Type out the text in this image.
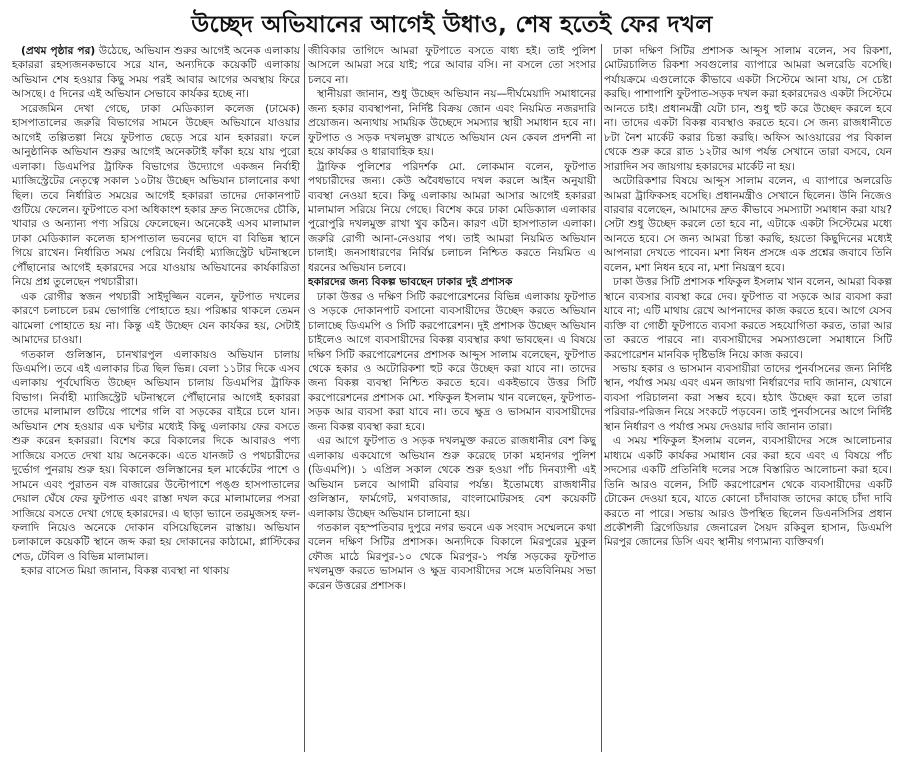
উচ্ছেদ অভিযানের আগেই উধাও, শেষ হতেই ফের দখল

(প্রথম পৃষ্ঠার পর) উঠেছে, অভিযান শুরুর আগেই অনেক এলাকায় হকাররা রহস্যজনকভাবে সরে যান, অন্যদিকে কয়েকটি এলাকায় অভিযান শেষ হওয়ার কিছু সময় পরই আবার আগের অবস্থায় ফিরে আসছে। ৫ দিনের এই অভিযান সেভাবে কার্যকর হচ্ছে না।

সরেজমিন দেখা গেছে, ঢাকা মেডিক্যাল কলেজ (ঢামেক) হাসপাতালের জরুরি বিভাগের সামনে উচ্ছেদ অভিযানে যাওয়ার আগেই তল্পিতল্পা নিয়ে ফুটপাত ছেড়ে সরে যান হকাররা। ফলে আনুষ্ঠানিক অভিযান শুরুর আগেই অনেকটাই ফাঁকা হয়ে যায় পুরো এলাকা। ডিএমপির ট্রাফিক বিভাগের উদ্যোগে একজন নির্বাহী ম্যাজিস্ট্রেটের নেতৃত্বে সকাল ১০টায় উচ্ছেদ অভিযান চালানোর কথা ছিল। তবে নির্ধারিত সময়ের আগেই হকাররা তাদের দোকানপাট গুটিয়ে ফেলেন। ফুটপাতে বসা অধিকাংশ হকার দ্রুত নিজেদের চৌকি, খাবার ও অন্যান্য পণ্য সরিয়ে ফেলেছেন। অনেকেই এসব মালামাল ঢাকা মেডিক্যাল কলেজ হাসপাতাল ভবনের ছাদে বা বিভিন্ন স্থানে গিয়ে রাখেন। নির্ধারিত সময় পেরিয়ে নির্বাহী ম্যাজিস্ট্রেট ঘটনাস্থলে পৌঁছানোর আগেই হকারদের সরে যাওয়ায় অভিযানের কার্যকারিতা নিয়ে প্রশ্ন তুলেছেন পথচারীরা।

এক রোগীর স্বজন পথচারী সাইদুজ্জিন বলেন, ফুটপাত দখলের কারণে চলাচলে চরম ভোগান্তি পোহাতে হয়। পরিষ্কার থাকলে তেমন ঝামেলা পোহাতে হয় না। কিন্তু এই উচ্ছেদ যেন কার্যকর হয়, সেটাই আমাদের চাওয়া।

গতকাল গুলিস্তান, চানখারপুল এলাকায়ও অভিযান চালায় ডিএমপি। তবে এই এলাকার চিত্র ছিল ভিন্ন। বেলা ১১টার দিকে এসব এলাকায় পূর্বঘোষিত উচ্ছেদ অভিযান চালায় ডিএমপির ট্রাফিক বিভাগ। নির্বাহী ম্যাজিস্ট্রেট ঘটনাস্থলে পৌঁছানোর আগেই হকাররা তাদের মালামাল গুটিয়ে পাশের গলি বা সড়কের বাইরে চলে যান। অভিযান শেষ হওয়ার এক ঘণ্টার মধ্যেই কিছু এলাকায় ফের বসতে শুরু করেন হকাররা। বিশেষ করে বিকালের দিকে আবারও পণ্য সাজিয়ে বসতে দেখা যায় অনেককে। এতে যানজট ও পথচারীদের দুর্ভোগ পুনরায় শুরু হয়। বিকালে গুলিস্তানের হল মার্কেটের পাশে ও সামনে এবং পুরাতন বঙ্গ বাজারের উল্টোপাশে পঙ্গু হাসপাতালের দেয়াল ঘেঁষে ফের ফুটপাত এবং রাস্তা দখল করে মালামালের পসরা সাজিয়ে বসতে দেখা গেছে হকারদের। এ ছাড়া ভ্যানে তরমুজসহ ফল-ফলাদি নিয়েও অনেকে দোকান বসিয়েছিলেন রাস্তায়। অভিযান চলাকালে কয়েকটি স্থানে জব্দ করা হয় দোকানের কাঠামো, প্লাস্টিকের শেড, টেবিল ও বিভিন্ন মালামাল।

হকার বাসেত মিয়া জানান, বিকল্প ব্যবস্থা না থাকায়

জীবিকার তাগিদে আমরা ফুটপাতে বসতে বাধ্য হই। তাই পুলিশ আসলে আমরা সরে যাই; পরে আবার বসি। না বসলে তো সংসার চলবে না।

স্থানীয়রা জানান, শুধু উচ্ছেদ অভিযান নয়—দীর্ঘমেয়াদি সমাধানের জন্য হকার ব্যবস্থাপনা, নির্দিষ্ট বিক্রয় জোন এবং নিয়মিত নজরদারি প্রয়োজন। অন্যথায় সাময়িক উচ্ছেদে সমস্যার স্থায়ী সমাধান হবে না। ফুটপাত ও সড়ক দখলমুক্ত রাখতে অভিযান যেন কেবল প্রদর্শনী না হয়ে কার্যকর ও ধারাবাহিক হয়।

ট্রাফিক পুলিশের পরিদর্শক মো. লোকমান বলেন, ফুটপাত পথচারীদের জন্য। কেউ অবৈধভাবে দখল করলে আইন অনুযায়ী ব্যবস্থা নেওয়া হবে। কিছু এলাকায় আমরা আসার আগেই হকাররা মালামাল সরিয়ে নিয়ে গেছে। বিশেষ করে ঢাকা মেডিক্যাল এলাকার পুরোপুরি দখলমুক্ত রাখা খুব কঠিন। কারণ এটা হাসপাতাল এলাকা। জরুরি রোগী আনা-নেওয়ার পথ। তাই আমরা নিয়মিত অভিযান চালাই। জনসাধারণের নির্বিঘ্ন চলাচল নিশ্চিত করতে নিয়মিত এ ধরনের অভিযান চলবে।

হকারদের জন্য বিকল্প ভাবছেন ঢাকার দুই প্রশাসক

ঢাকা উত্তর ও দক্ষিণ সিটি করপোরেশনের বিভিন্ন এলাকায় ফুটপাত ও সড়কে দোকানপাট বসানো ব্যবসায়ীদের উচ্ছেদ করতে অভিযান চালাচ্ছে ডিএমপি ও সিটি করপোরেশন। দুই প্রশাসক উচ্ছেদ অভিযান চাইলেও আগে ব্যবসায়ীদের বিকল্প ব্যবস্থার কথা ভাবছেন। এ বিষয়ে দক্ষিণ সিটি করপোরেশনের প্রশাসক আব্দুস সালাম বলেছেন, ফুটপাত থেকে হকার ও অটোরিকশা হুট করে উচ্ছেদ করা যাবে না। তাদের জন্য বিকল্প ব্যবস্থা নিশ্চিত করতে হবে। একইভাবে উত্তর সিটি করপোরেশনের প্রশাসক মো. শফিকুল ইসলাম খান বলেছেন, ফুটপাত-সড়ক আর ব্যবসা করা যাবে না। তবে ক্ষুদ্র ও ভাসমান ব্যবসায়ীদের জন্য বিকল্প ব্যবস্থা করা হবে।

এর আগে ফুটপাত ও সড়ক দখলমুক্ত করতে রাজধানীর বেশ কিছু এলাকায় একযোগে অভিযান শুরু করেছে ঢাকা মহানগর পুলিশ (ডিএমপি)। ১ এপ্রিল সকাল থেকে শুরু হওয়া পাঁচ দিনব্যাপী এই অভিযান চলবে আগামী রবিবার পর্যন্ত। ইতোমধ্যে রাজধানীর গুলিস্তান, ফার্মগেট, মগবাজার, বাংলামোটরসহ বেশ কয়েকটি এলাকায় উচ্ছেদ অভিযান চালানো হয়।

গতকাল বৃহস্পতিবার দুপুরে নগর ভবনে এক সংবাদ সম্মেলনে কথা বলেন দক্ষিণ সিটির প্রশাসক। অন্যদিকে বিকালে মিরপুরের মুকুল ফৌজ মাঠে মিরপুর-১০ থেকে মিরপুর-১ পর্যন্ত সড়কের ফুটপাত দখলমুক্ত করতে ভাসমান ও ক্ষুদ্র ব্যবসায়ীদের সঙ্গে মতবিনিময় সভা করেন উত্তরের প্রশাসক।

ঢাকা দক্ষিণ সিটির প্রশাসক আব্দুস সালাম বলেন, সব রিকশা, মোটরচালিত রিকশা সবগুলোর ব্যাপারে আমরা অলরেডি বসেছি। পর্যায়ক্রমে এগুলোকে কীভাবে একটা সিস্টেমে আনা যায়, সে চেষ্টা করছি। পাশাপাশি ফুটপাত-সড়ক দখল করা হকারদেরও একটা সিস্টেমে আনতে চাই। প্রধানমন্ত্রী যেটা চান, শুধু হুট করে উচ্ছেদ করলে হবে না। তাদের একটা বিকল্প ব্যবস্থাও করতে হবে। সে জন্য রাজধানীতে ৮টা নৈশ মার্কেট করার চিন্তা করছি। অফিস আওয়ারের পর বিকাল থেকে শুরু করে রাত ১২টার আগ পর্যন্ত সেখানে তারা বসবে, যেন সারাদিন সব জায়গায় হকারদের মার্কেট না হয়।

অটোরিকশার বিষয়ে আব্দুস সালাম বলেন, এ ব্যাপারে অলরেডি আমরা ট্রাফিকসহ বসেছি। প্রধানমন্ত্রীও সেখানে ছিলেন। উনি নিজেও বারবার বলেছেন, আমাদের দ্রুত কীভাবে সমস্যাটা সমাধান করা যায়? সেটা শুধু উচ্ছেদ করলে তো হবে না, এটাকে একটা সিস্টেমের মধ্যে আনতে হবে। সে জন্য আমরা চিন্তা করছি, হয়তো কিছুদিনের মধ্যেই আপনারা দেখতে পাবেন। মশা নিধন প্রসঙ্গে এক প্রশ্নের জবাবে তিনি বলেন, মশা নিধন হবে না, মশা নিয়ন্ত্রণ হবে।

ঢাকা উত্তর সিটি প্রশাসক শফিকুল ইসলাম খান বলেন, আমরা বিকল্প স্থানে ব্যবসার ব্যবস্থা করে দেব। ফুটপাত বা সড়কে আর ব্যবসা করা যাবে না; এটি মাথায় রেখে আপনাদের কাজ করতে হবে। আগে যেসব ব্যক্তি বা গোষ্ঠী ফুটপাতে ব্যবসা করতে সহযোগিতা করত, তারা আর তা করতে পারবে না। ব্যবসায়ীদের সমস্যাগুলো সমাধানে সিটি করপোরেশন মানবিক দৃষ্টিভঙ্গি নিয়ে কাজ করবে।

সভায় হকার ও ভাসমান ব্যবসায়ীরা তাদের পুনর্বাসনের জন্য নির্দিষ্ট স্থান, পর্যাপ্ত সময় এবং এমন জায়গা নির্ধারণের দাবি জানান, যেখানে ব্যবসা পরিচালনা করা সম্ভব হবে। হঠাৎ উচ্ছেদ করা হলে তারা পরিবার-পরিজন নিয়ে সংকটে পড়বেন। তাই পুনর্বাসনের আগে নির্দিষ্ট স্থান নির্ধারণ ও পর্যাপ্ত সময় দেওয়ার দাবি জানান তারা।

এ সময় শফিকুল ইসলাম বলেন, ব্যবসায়ীদের সঙ্গে আলোচনার মাধ্যমে একটি কার্যকর সমাধান বের করা হবে এবং এ বিষয়ে পাঁচ সদস্যের একটি প্রতিনিধি দলের সঙ্গে বিস্তারিত আলোচনা করা হবে। তিনি আরও বলেন, সিটি করপোরেশন থেকে ব্যবসায়ীদের একটি টোকেন দেওয়া হবে, যাতে কোনো চাঁদাবাজ তাদের কাছে চাঁদা দাবি করতে না পারে। সভায় আরও উপস্থিত ছিলেন ডিএনসিসির প্রধান প্রকৌশলী ব্রিগেডিয়ার জেনারেল সৈয়দ রকিবুল হাসান, ডিএমপি মিরপুর জোনের ডিসি এবং স্থানীয় গণ্যমান্য ব্যক্তিবর্গ।
